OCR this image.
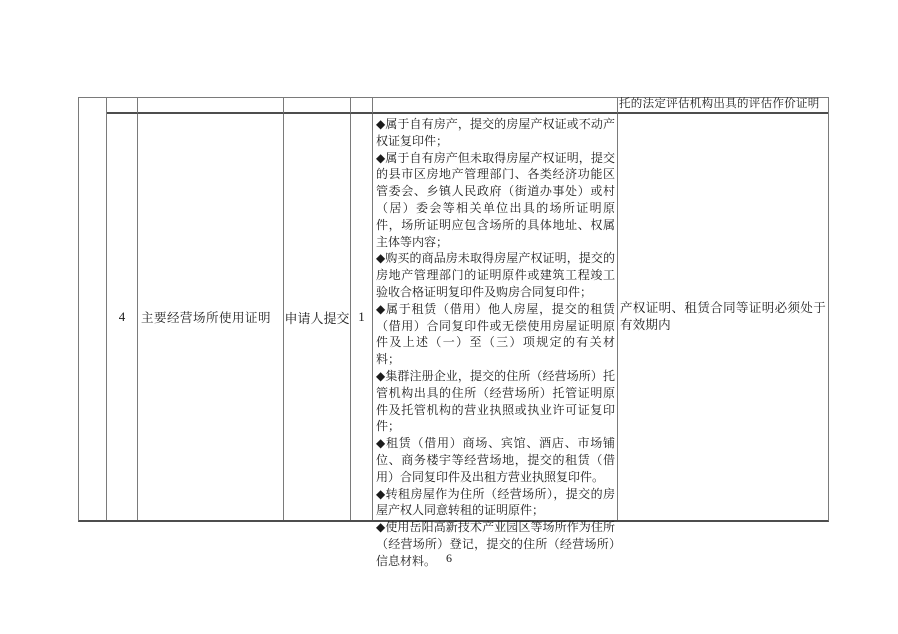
托的法定评估机构出具的评估作价证明
4	主要经营场所使用证明	申请人提交 1

◆属于自有房产，提交的房屋产权证或不动产权证复印件；

◆属于自有房产但未取得房屋产权证明，提交的县市区房地产管理部门、各类经济功能区管委会、乡镇人民政府（街道办事处）或村（居）委会等相关单位出具的场所证明原件，场所证明应包含场所的具体地址、权属主体等内容；

◆购买的商品房未取得房屋产权证明，提交的房地产管理部门的证明原件或建筑工程竣工验收合格证明复印件及购房合同复印件；

◆属于租赁（借用）他人房屋，提交的租赁（借用）合同复印件或无偿使用房屋证明原件及上述（一）至（三）项规定的有关材料；

◆集群注册企业，提交的住所（经营场所）托管机构出具的住所（经营场所）托管证明原件及托管机构的营业执照或执业许可证复印件；

◆租赁（借用）商场、宾馆、酒店、市场铺位、商务楼宇等经营场地，提交的租赁（借用）合同复印件及出租方营业执照复印件。

◆转租房屋作为住所（经营场所），提交的房屋产权人同意转租的证明原件；

◆使用岳阳高新技术产业园区等场所作为住所（经营场所）登记，提交的住所（经营场所）信息材料。

产权证明、租赁合同等证明必须处于有效期内
6
